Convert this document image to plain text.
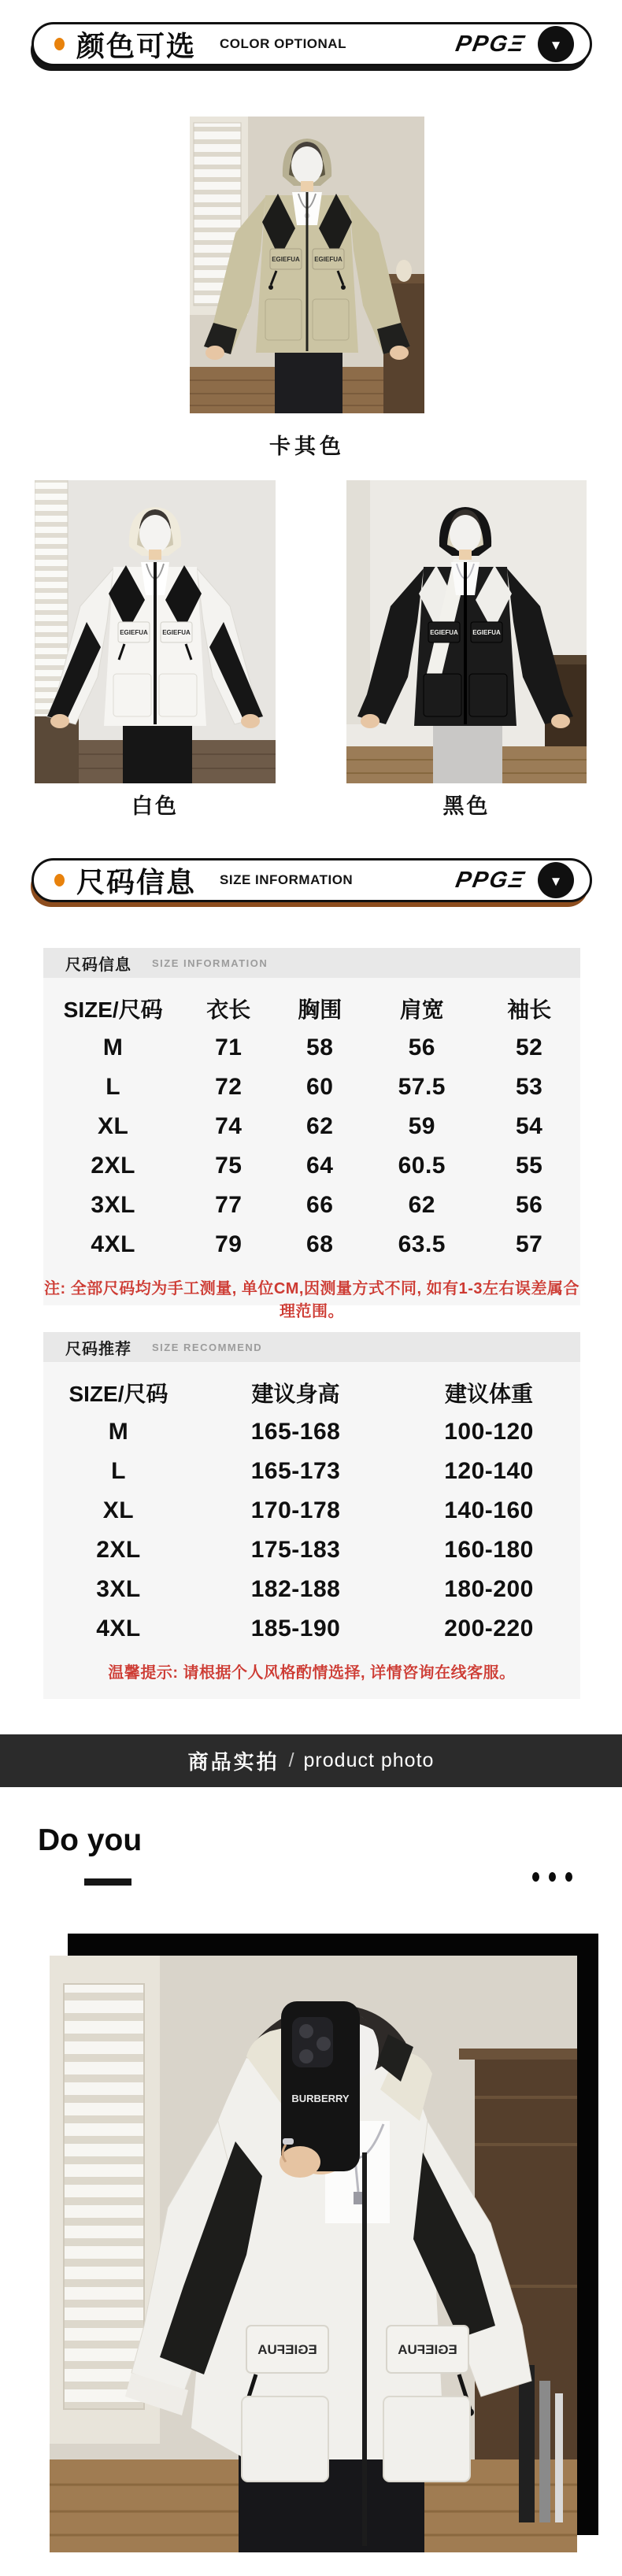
颜色可选 COLOR OPTIONAL	PPGΞ ▼
EGIEFUA EGIEFUA
卡其色
EGIEFUA EGIEFUA	EGIEFUA EGIEFUA
白色	黑色
尺码信息 SIZE INFORMATION	PPGΞ ▼
尺码信息 SIZE INFORMATION
SIZE/尺码	衣长	胸围	肩宽	袖长
M	71	58	56	52
L	72	60	57.5	53
XL	74	62	59	54
2XL	75	64	60.5	55
3XL	77	66	62	56
4XL	79	68	63.5	57
注: 全部尺码均为手工测量, 单位CM,因测量方式不同, 如有1-3左右误差属合理范围。
尺码推荐 SIZE RECOMMEND
SIZE/尺码	建议身高	建议体重
M	165-168	100-120
L	165-173	120-140
XL	170-178	140-160
2XL	175-183	160-180
3XL	182-188	180-200
4XL	185-190	200-220
温馨提示: 请根据个人风格酌情选择, 详情咨询在线客服。
商品实拍 / product photo
Do you
EGIEFUA	EGIEFUA
BURBERRY
